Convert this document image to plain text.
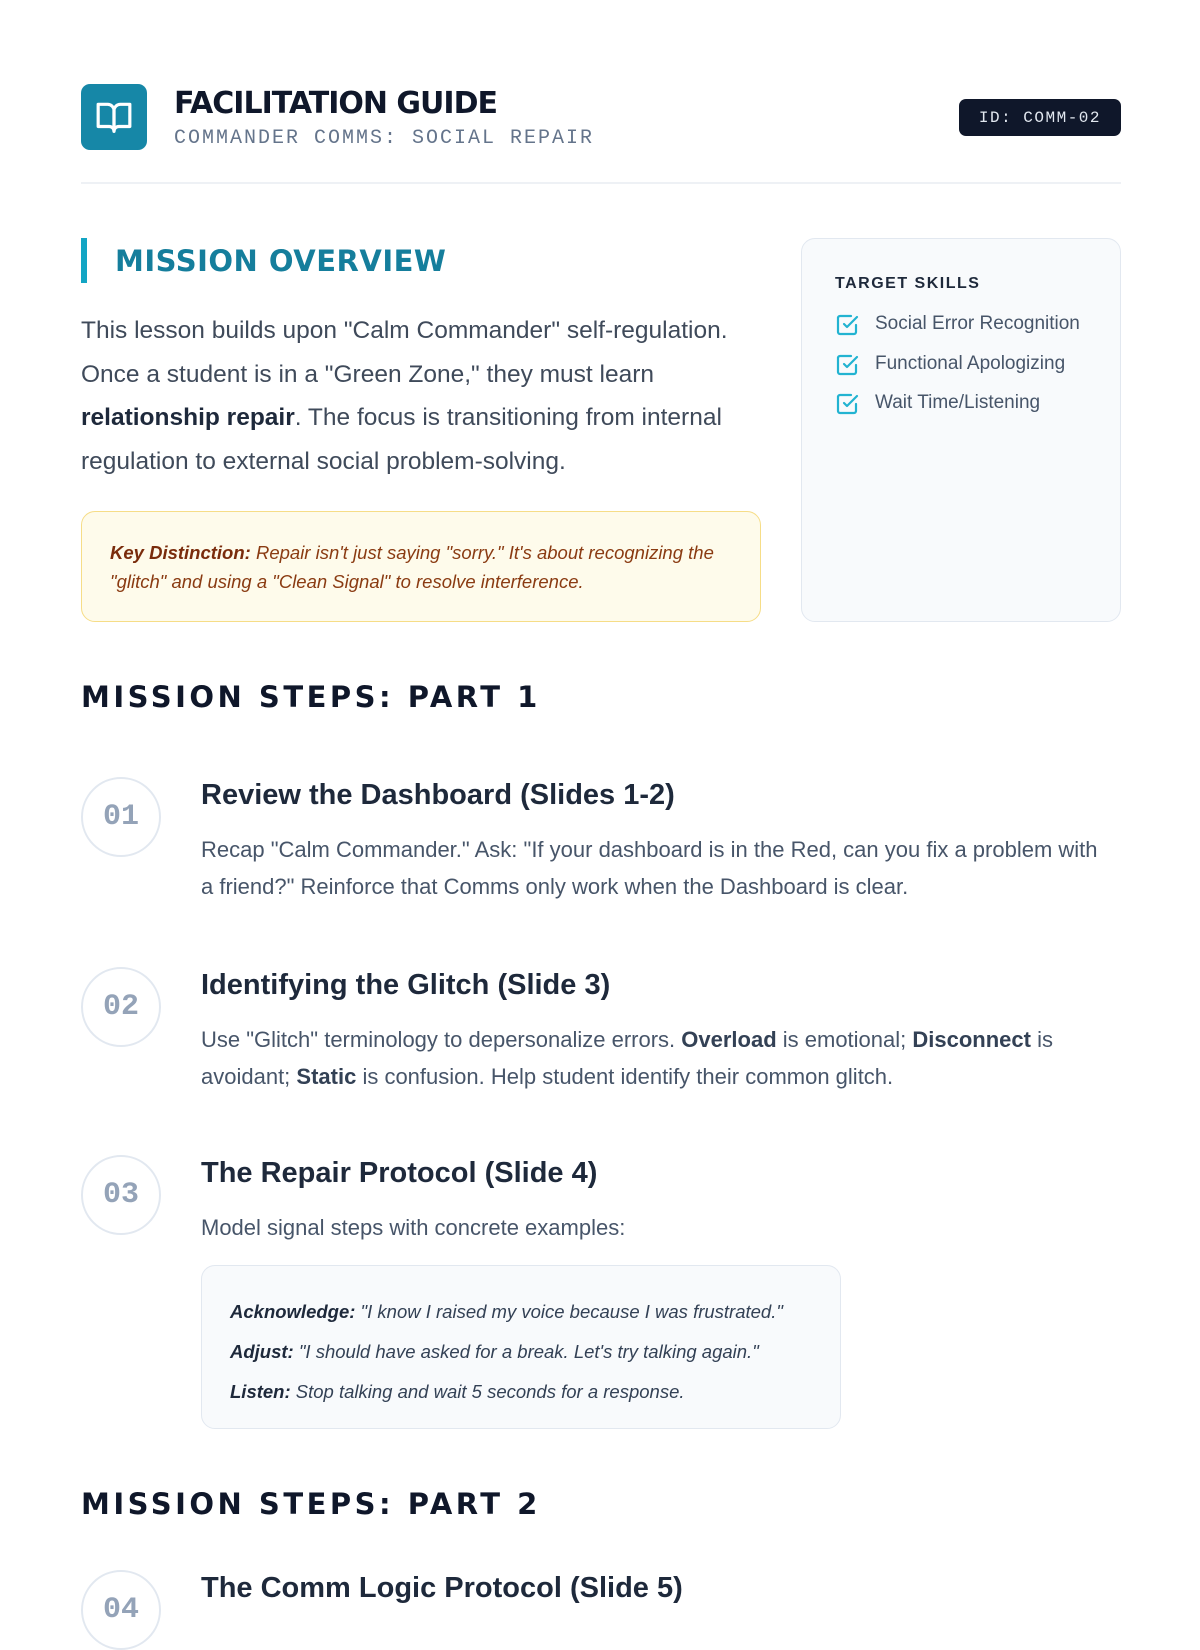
FACILITATION GUIDE
COMMANDER COMMS: SOCIAL REPAIR
ID: COMM-02
MISSION OVERVIEW

This lesson builds upon "Calm Commander" self-regulation. Once a student is in a "Green Zone," they must learn relationship repair. The focus is transitioning from internal regulation to external social problem-solving.

Key Distinction: Repair isn't just saying "sorry." It's about recognizing the "glitch" and using a "Clean Signal" to resolve interference.
TARGET SKILLS
Social Error Recognition
Functional Apologizing
Wait Time/Listening
MISSION STEPS: PART 1
01
Review the Dashboard (Slides 1-2)

Recap "Calm Commander." Ask: "If your dashboard is in the Red, can you fix a problem with a friend?" Reinforce that Comms only work when the Dashboard is clear.

02
Identifying the Glitch (Slide 3)

Use "Glitch" terminology to depersonalize errors. Overload is emotional; Disconnect is avoidant; Static is confusion. Help student identify their common glitch.

03
The Repair Protocol (Slide 4)

Model signal steps with concrete examples:

Acknowledge: "I know I raised my voice because I was frustrated."
Adjust: "I should have asked for a break. Let's try talking again."
Listen: Stop talking and wait 5 seconds for a response.
MISSION STEPS: PART 2
04
The Comm Logic Protocol (Slide 5)
